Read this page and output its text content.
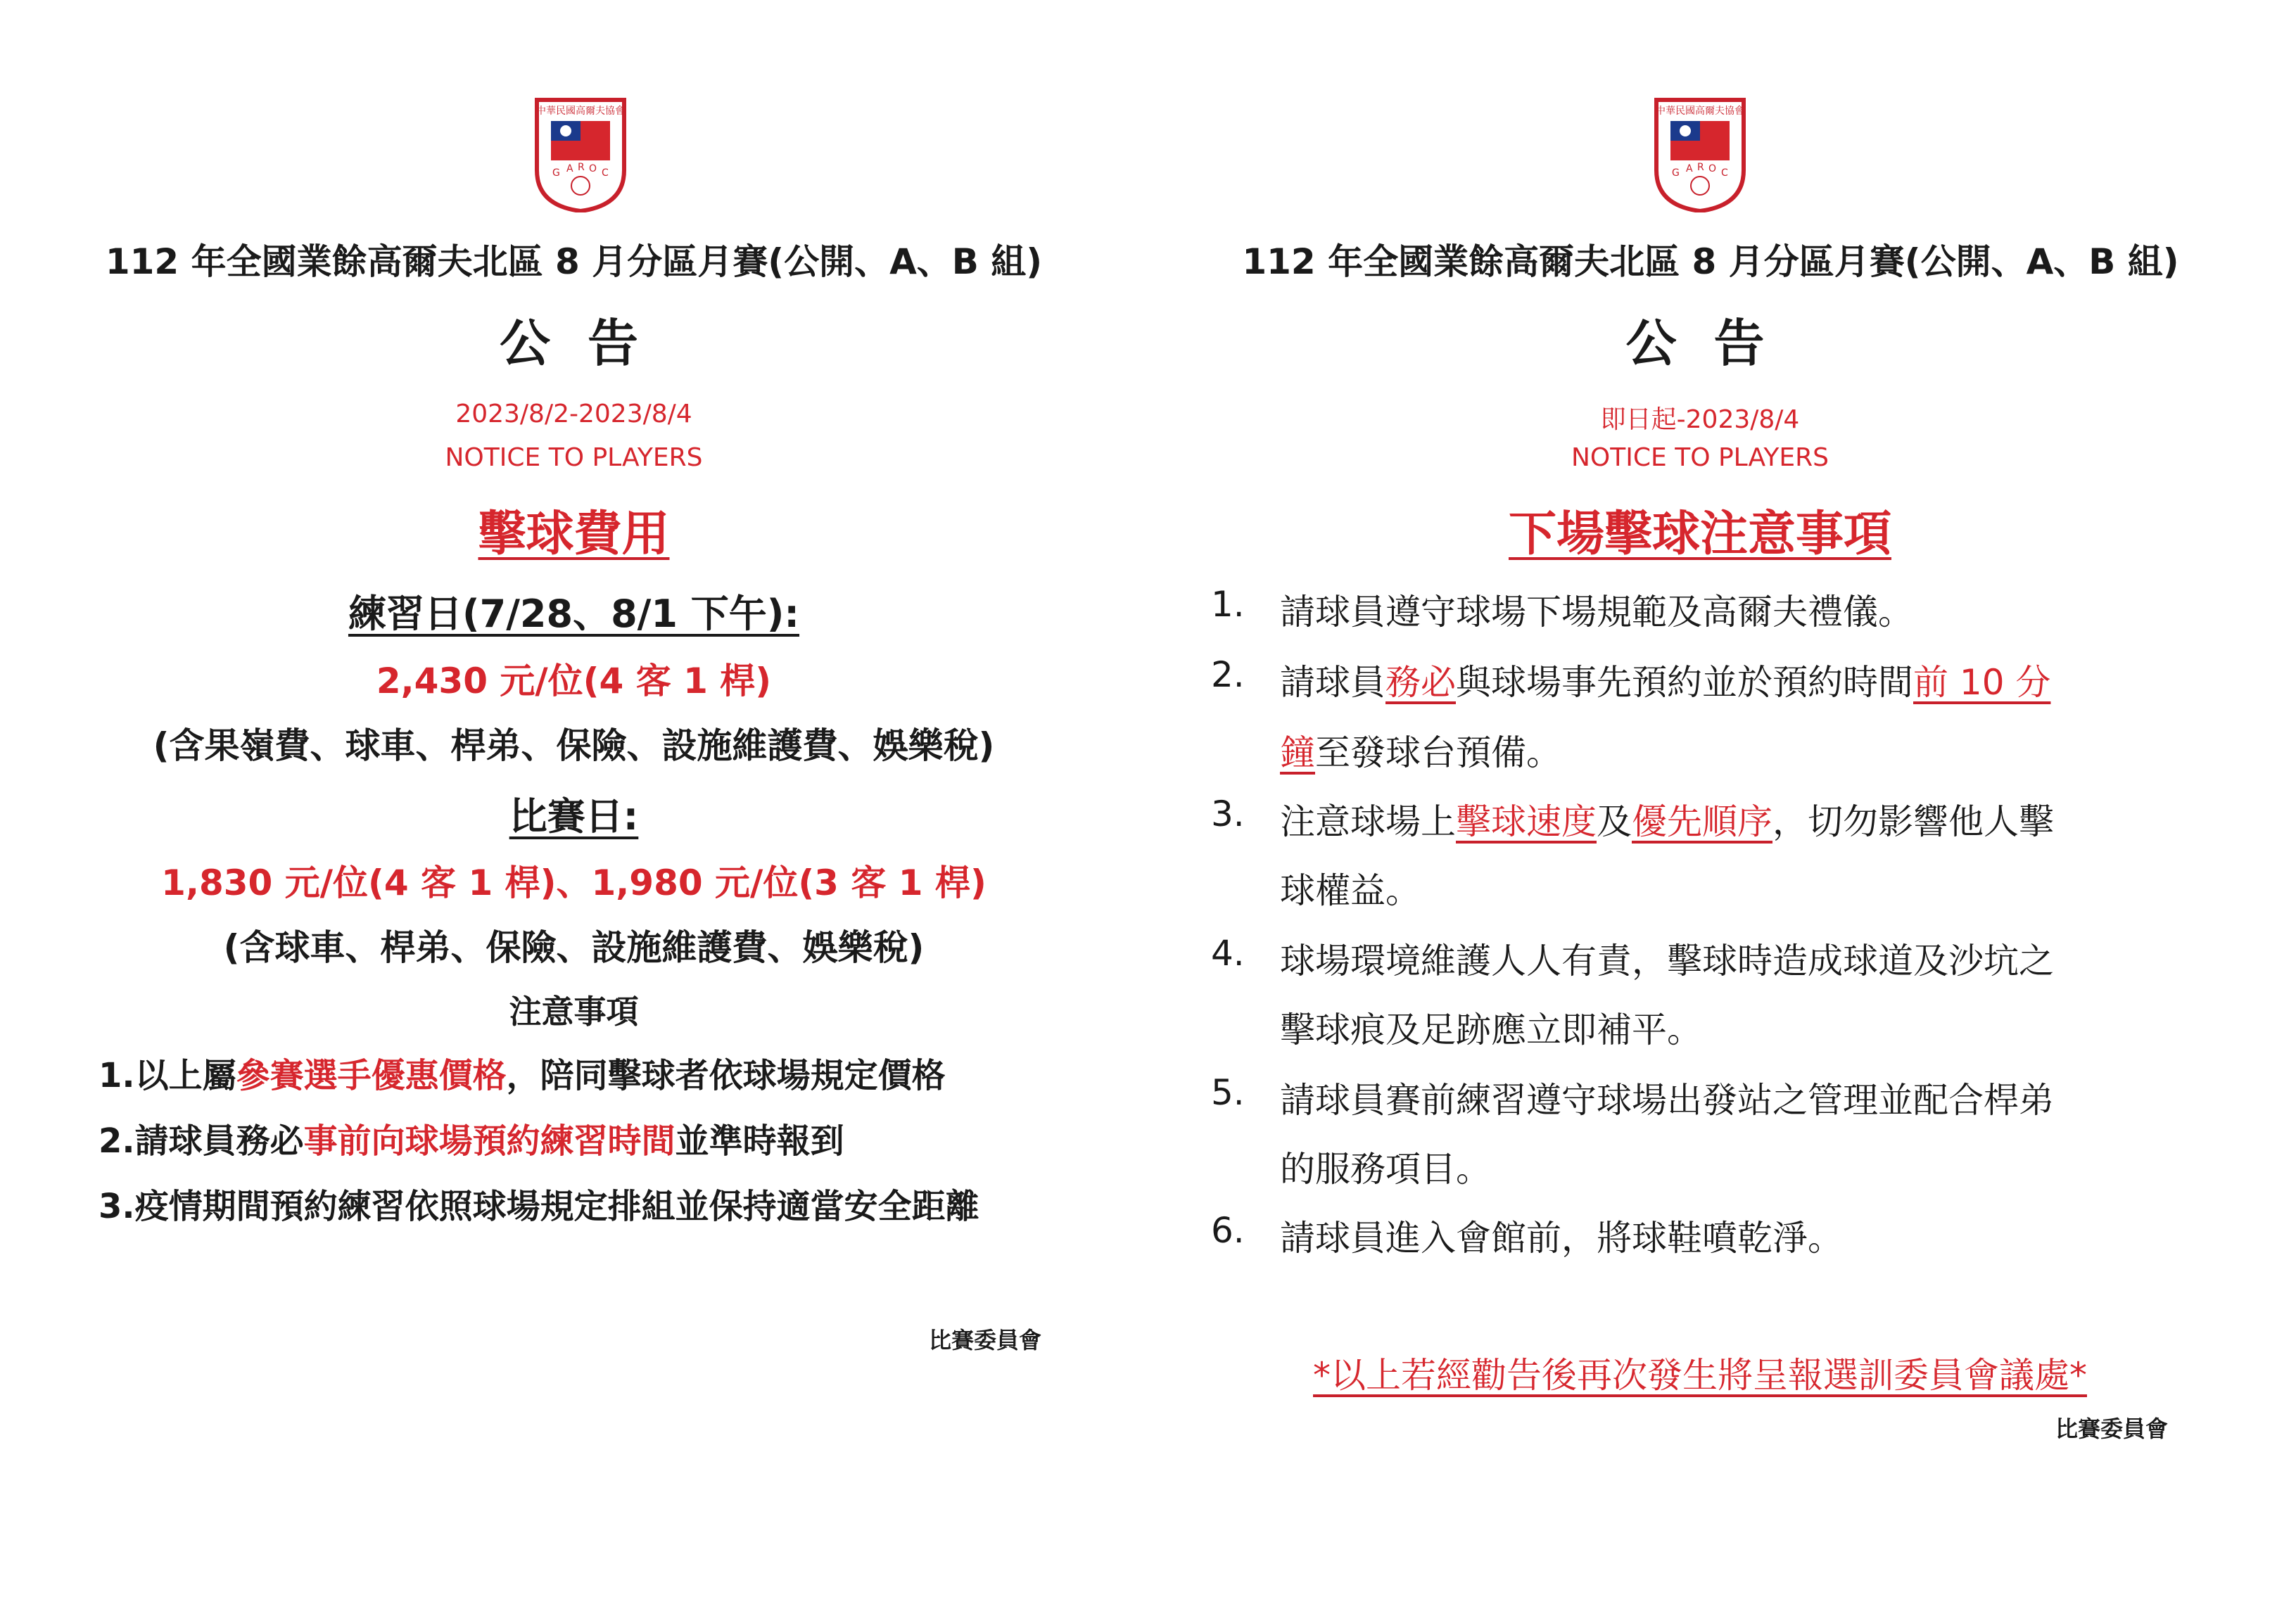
中華民國高爾夫協會
G A R O C
112 年全國業餘高爾夫北區 8 月分區月賽(公開、A、B 組)
公 告
2023/8/2-2023/8/4
NOTICE TO PLAYERS
擊球費用
練習日(7/28、8/1 下午):
2,430 元/位(4 客 1 桿)
(含果嶺費、球車、桿弟、保險、設施維護費、娛樂稅)
比賽日:
1,830 元/位(4 客 1 桿)、1,980 元/位(3 客 1 桿)
(含球車、桿弟、保險、設施維護費、娛樂稅)
注意事項
1.以上屬參賽選手優惠價格，陪同擊球者依球場規定價格
2.請球員務必事前向球場預約練習時間並準時報到
3.疫情期間預約練習依照球場規定排組並保持適當安全距離
比賽委員會
中華民國高爾夫協會
G A R O C
112 年全國業餘高爾夫北區 8 月分區月賽(公開、A、B 組)
公 告
即日起-2023/8/4
NOTICE TO PLAYERS
下場擊球注意事項
1.	請球員遵守球場下場規範及高爾夫禮儀。
2.	請球員務必與球場事先預約並於預約時間前 10 分
鐘至發球台預備。
3.	注意球場上擊球速度及優先順序，切勿影響他人擊
球權益。
4.	球場環境維護人人有責，擊球時造成球道及沙坑之
擊球痕及足跡應立即補平。
5.	請球員賽前練習遵守球場出發站之管理並配合桿弟
的服務項目。
6.	請球員進入會館前，將球鞋噴乾淨。
*以上若經勸告後再次發生將呈報選訓委員會議處*
比賽委員會
